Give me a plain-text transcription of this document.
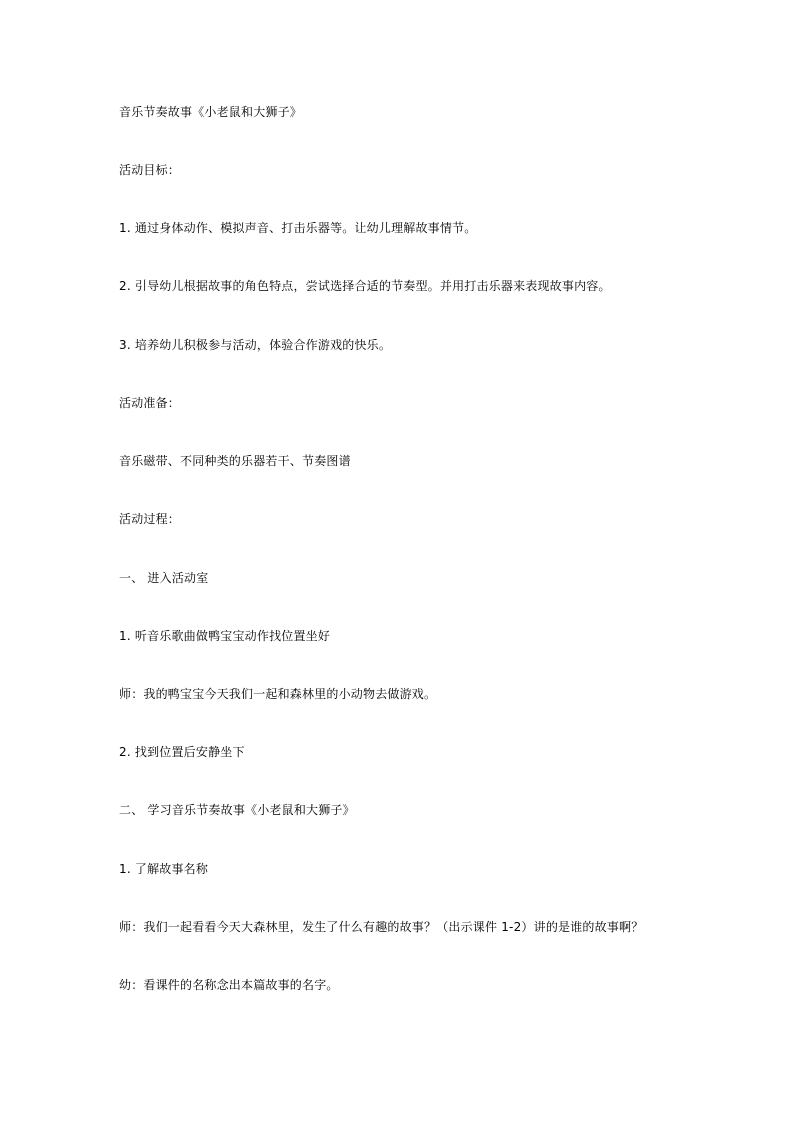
音乐节奏故事《小老鼠和大狮子》
活动目标：
1. 通过身体动作、模拟声音、打击乐器等。让幼儿理解故事情节。
2. 引导幼儿根据故事的角色特点，尝试选择合适的节奏型。并用打击乐器来表现故事内容。
3. 培养幼儿积极参与活动，体验合作游戏的快乐。
活动准备：
音乐磁带、不同种类的乐器若干、节奏图谱
活动过程：
一、 进入活动室
1. 听音乐歌曲做鸭宝宝动作找位置坐好
师：我的鸭宝宝今天我们一起和森林里的小动物去做游戏。
2. 找到位置后安静坐下
二、 学习音乐节奏故事《小老鼠和大狮子》
1. 了解故事名称
师：我们一起看看今天大森林里，发生了什么有趣的故事？（出示课件 1-2）讲的是谁的故事啊？
幼：看课件的名称念出本篇故事的名字。
